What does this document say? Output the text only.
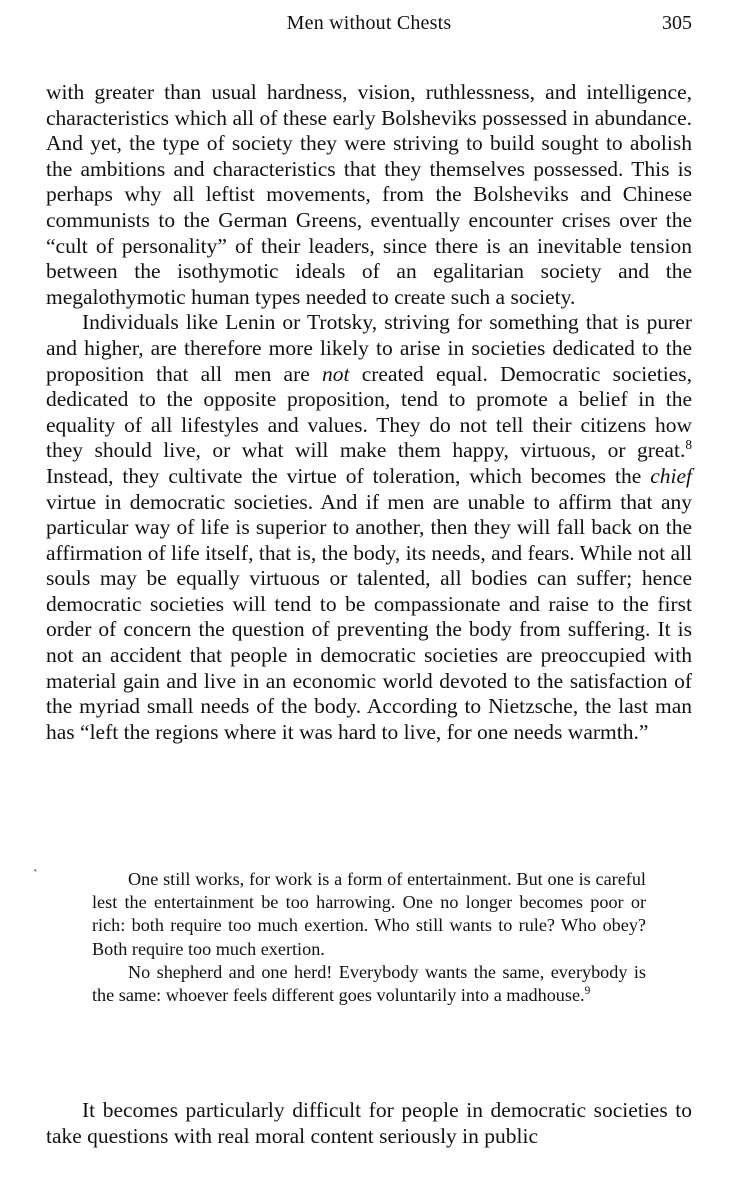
Men without Chests	305

with greater than usual hardness, vision, ruthlessness, and intelligence, characteristics which all of these early Bolsheviks possessed in abundance. And yet, the type of society they were striving to build sought to abolish the ambitions and characteristics that they themselves possessed. This is perhaps why all leftist movements, from the Bolsheviks and Chinese communists to the German Greens, eventually encounter crises over the “cult of personality” of their leaders, since there is an inevitable tension between the isothymotic ideals of an egalitarian society and the megalothymotic human types needed to create such a society.

Individuals like Lenin or Trotsky, striving for something that is purer and higher, are therefore more likely to arise in societies dedicated to the proposition that all men are not created equal. Democratic societies, dedicated to the opposite proposition, tend to promote a belief in the equality of all lifestyles and values. They do not tell their citizens how they should live, or what will make them happy, virtuous, or great.$^8$ Instead, they cultivate the virtue of toleration, which becomes the chief virtue in democratic societies. And if men are unable to affirm that any particular way of life is superior to another, then they will fall back on the affirmation of life itself, that is, the body, its needs, and fears. While not all souls may be equally virtuous or talented, all bodies can suffer; hence democratic societies will tend to be compassionate and raise to the first order of concern the question of preventing the body from suffering. It is not an accident that people in democratic societies are preoccupied with material gain and live in an economic world devoted to the satisfaction of the myriad small needs of the body. According to Nietzsche, the last man has “left the regions where it was hard to live, for one needs warmth.”

`	One still works, for work is a form of entertainment. But one is careful lest the entertainment be too harrowing. One no longer becomes poor or rich: both require too much exertion. Who still wants to rule? Who obey? Both require too much exertion.

No shepherd and one herd! Everybody wants the same, everybody is the same: whoever feels different goes voluntarily into a madhouse.$^9$

It becomes particularly difficult for people in democratic societies to take questions with real moral content seriously in public
